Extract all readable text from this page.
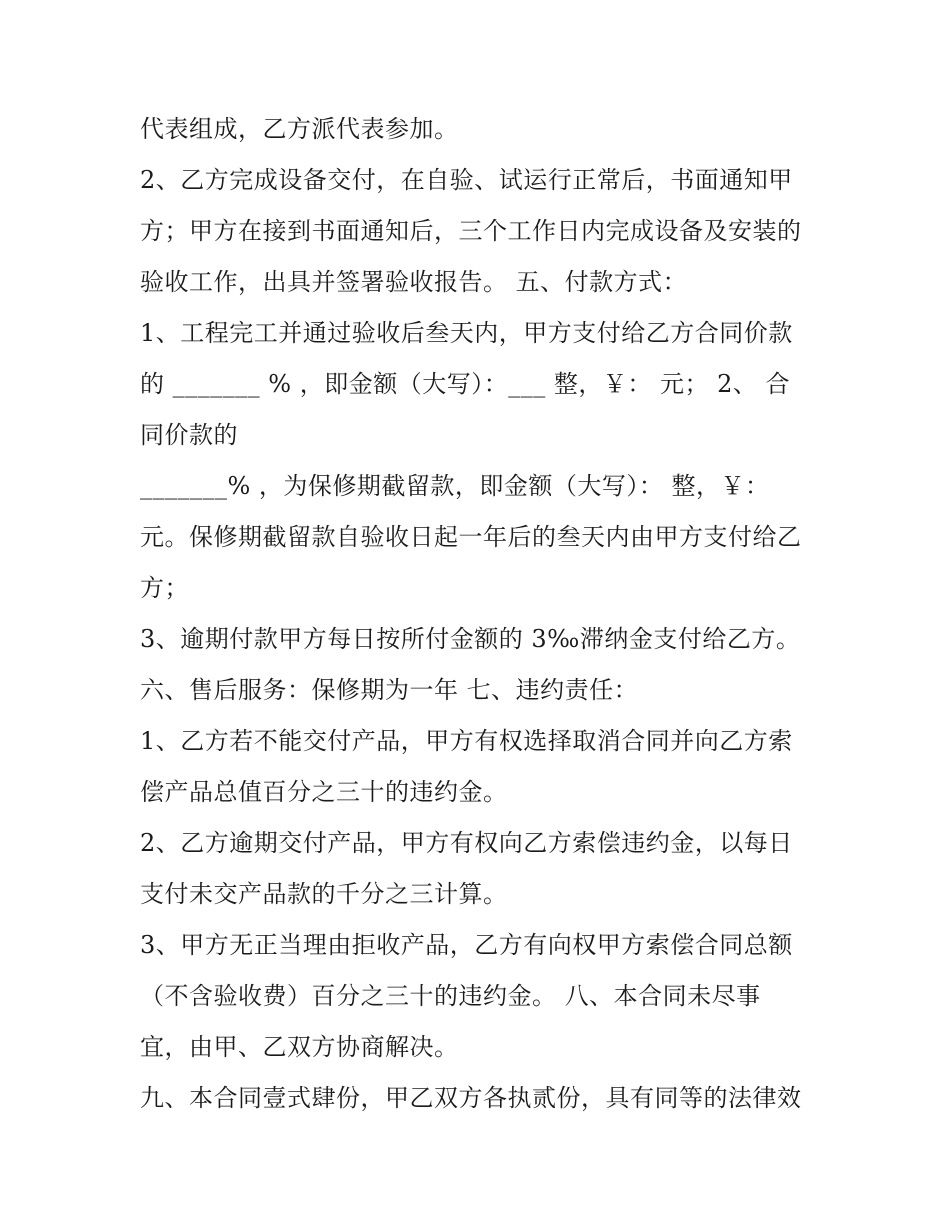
代表组成，乙方派代表参加。
2、乙方完成设备交付，在自验、试运行正常后，书面通知甲
方；甲方在接到书面通知后，三个工作日内完成设备及安装的
验收工作，出具并签署验收报告。 五、付款方式：
1、工程完工并通过验收后叁天内，甲方支付给乙方合同价款
的 _______ % ，即金额（大写）：___ 整，￥： 元； 2、 合
同价款的
_______% ，为保修期截留款，即金额（大写）： 整，￥：
元。保修期截留款自验收日起一年后的叁天内由甲方支付给乙
方；
3、逾期付款甲方每日按所付金额的 3‰滞纳金支付给乙方。
六、售后服务：保修期为一年 七、违约责任：
1、乙方若不能交付产品，甲方有权选择取消合同并向乙方索
偿产品总值百分之三十的违约金。
2、乙方逾期交付产品，甲方有权向乙方索偿违约金，以每日
支付未交产品款的千分之三计算。
3、甲方无正当理由拒收产品，乙方有向权甲方索偿合同总额
（不含验收费）百分之三十的违约金。 八、本合同未尽事
宜，由甲、乙双方协商解决。
九、本合同壹式肆份，甲乙双方各执贰份，具有同等的法律效
